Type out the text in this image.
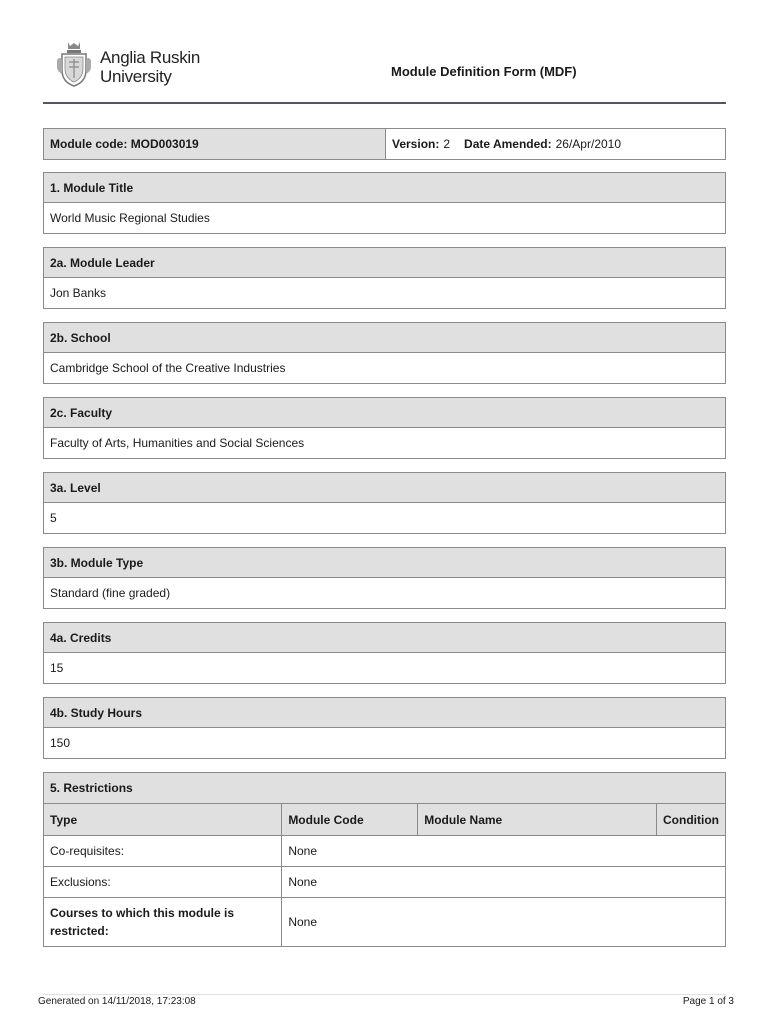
Anglia Ruskin
University	Module Definition Form (MDF)
Module code:
MOD003019	Version: 2 Date Amended: 26/Apr/2010
1. Module Title
World Music Regional Studies
2a. Module Leader
Jon Banks
2b. School
Cambridge School of the Creative Industries
2c. Faculty
Faculty of Arts, Humanities and Social Sciences
3a. Level
5
3b. Module Type
Standard (fine graded)
4a. Credits
15
4b. Study Hours
150
5. Restrictions
Type	Module Code	Module Name	Condition
Co-requisites:	None		
Exclusions:	None		
Courses to which this module is restricted:	None		
Generated on 14/11/2018, 17:23:08	Page 1 of 3
